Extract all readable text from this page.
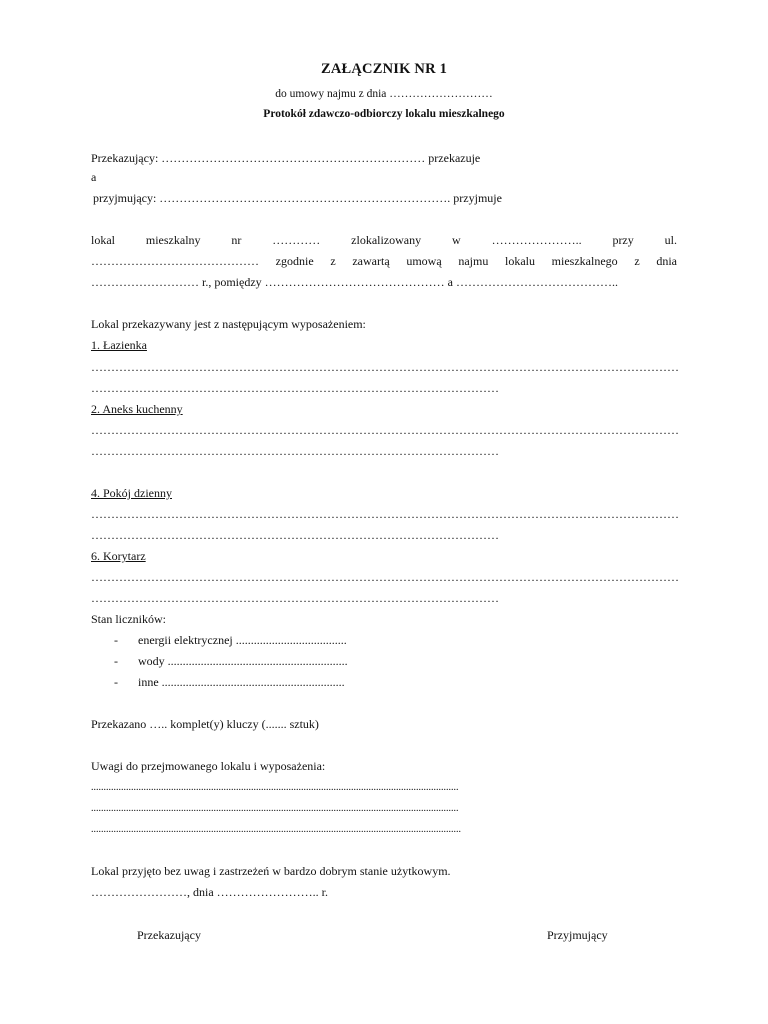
ZAŁĄCZNIK NR 1
do umowy najmu z dnia ………………………
Protokół zdawczo-odbiorczy lokalu mieszkalnego
Przekazujący: ………………………………………………………… przekazuje
a
przyjmujący: ………………………………………………………………. przyjmuje
lokal	mieszkalny	nr	…………	zlokalizowany	w	…………………..	przy	ul.
…………………………………… zgodnie z zawartą umową najmu lokalu mieszkalnego z dnia
……………………… r., pomiędzy ……………………………………… a …………………………………..
Lokal przekazywany jest z następującym wyposażeniem:
1. Łazienka
…………………………………………………………………………………………………………………………………
…………………………………………………………………………………………
2. Aneks kuchenny
…………………………………………………………………………………………………………………………………
…………………………………………………………………………………………
4. Pokój dzienny
…………………………………………………………………………………………………………………………………
…………………………………………………………………………………………
6. Korytarz
…………………………………………………………………………………………………………………………………
…………………………………………………………………………………………
Stan liczników:
- energii elektrycznej .....................................
- wody ............................................................
- inne .............................................................
Przekazano ….. komplet(y) kluczy (....... sztuk)
Uwagi do przejmowanego lokalu i wyposażenia:
...................................................................................................................................................
...................................................................................................................................................
....................................................................................................................................................
Lokal przyjęto bez uwag i zastrzeżeń w bardzo dobrym stanie użytkowym.
……………………, dnia …………………….. r.
Przekazujący	Przyjmujący
